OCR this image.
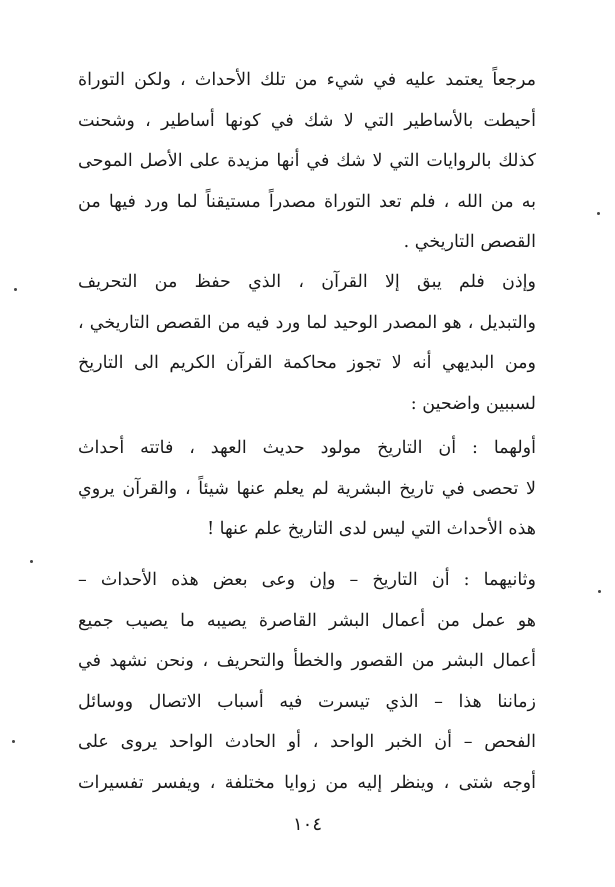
مرجعاً يعتمد عليه في شيء من تلك الأحداث ، ولكن التوراة
أحيطت بالأساطير التي لا شك في كونها أساطير ، وشحنت
كذلك بالروايات التي لا شك في أنها مزيدة على الأصل الموحى
به من الله ، فلم تعد التوراة مصدراً مستيقناً لما ورد فيها من
القصص التاريخي .
وإذن فلم يبق إلا القرآن ، الذي حفظ من التحريف
والتبديل ، هو المصدر الوحيد لما ورد فيه من القصص التاريخي ،
ومن البديهي أنه لا تجوز محاكمة القرآن الكريم الى التاريخ
لسببين واضحين :
أولهما : أن التاريخ مولود حديث العهد ، فاتته أحداث
لا تحصى في تاريخ البشرية لم يعلم عنها شيئاً ، والقرآن يروي
هذه الأحداث التي ليس لدى التاريخ علم عنها !
وثانيهما : أن التاريخ – وإن وعى بعض هذه الأحداث –
هو عمل من أعمال البشر القاصرة يصيبه ما يصيب جميع
أعمال البشر من القصور والخطأ والتحريف ، ونحن نشهد في
زماننا هذا – الذي تيسرت فيه أسباب الاتصال ووسائل
الفحص – أن الخبر الواحد ، أو الحادث الواحد يروى على
أوجه شتى ، وينظر إليه من زوايا مختلفة ، ويفسر تفسيرات
١٠٤
